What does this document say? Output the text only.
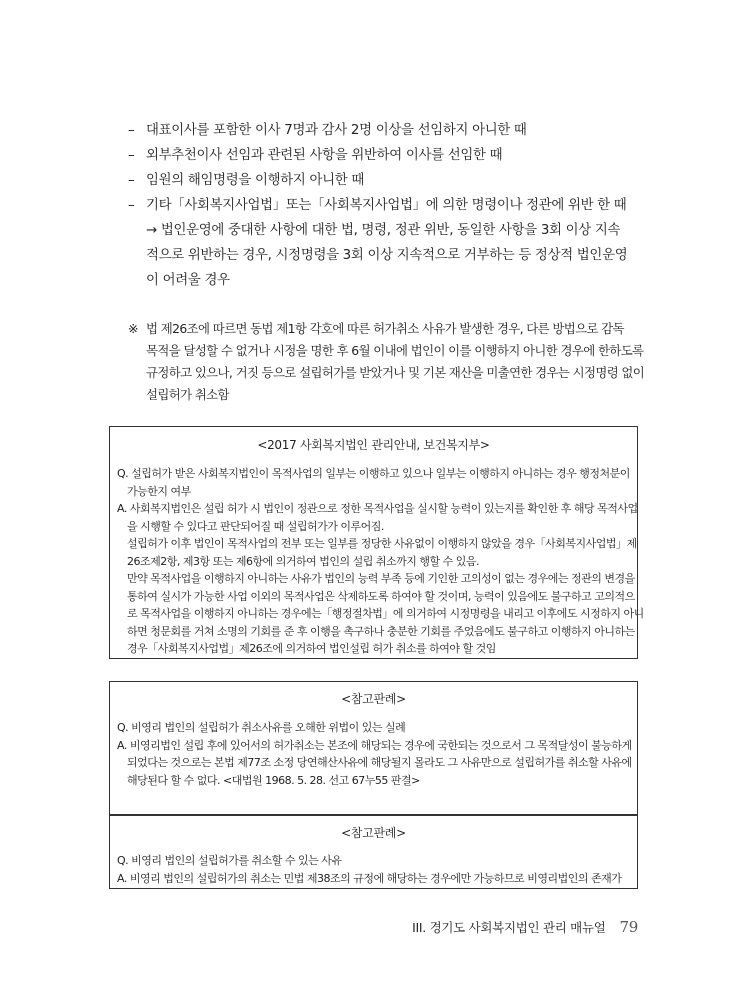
– 대표이사를 포함한 이사 7명과 감사 2명 이상을 선임하지 아니한 때
– 외부추천이사 선임과 관련된 사항을 위반하여 이사를 선임한 때
– 임원의 해임명령을 이행하지 아니한 때
– 기타「사회복지사업법」또는「사회복지사업법」에 의한 명령이나 정관에 위반 한 때
→ 법인운영에 중대한 사항에 대한 법, 명령, 정관 위반, 동일한 사항을 3회 이상 지속
적으로 위반하는 경우, 시정명령을 3회 이상 지속적으로 거부하는 등 정상적 법인운영
이 어려울 경우
※ 법 제26조에 따르면 동법 제1항 각호에 따른 허가취소 사유가 발생한 경우, 다른 방법으로 감독
목적을 달성할 수 없거나 시정을 명한 후 6월 이내에 법인이 이를 이행하지 아니한 경우에 한하도록
규정하고 있으나, 거짓 등으로 설립허가를 받았거나 및 기본 재산을 미출연한 경우는 시정명령 없이
설립허가 취소함
<2017 사회복지법인 관리안내, 보건복지부>
Q. 설립허가 받은 사회복지법인이 목적사업의 일부는 이행하고 있으나 일부는 이행하지 아니하는 경우 행정처분이
가능한지 여부
A. 사회복지법인은 설립 허가 시 법인이 정관으로 정한 목적사업을 실시할 능력이 있는지를 확인한 후 해당 목적사업
을 시행할 수 있다고 판단되어질 때 설립허가가 이루어짐.
설립허가 이후 법인이 목적사업의 전부 또는 일부를 정당한 사유없이 이행하지 않았을 경우「사회복지사업법」제
26조제2항, 제3항 또는 제6항에 의거하여 법인의 설립 취소까지 행할 수 있음.
만약 목적사업을 이행하지 아니하는 사유가 법인의 능력 부족 등에 기인한 고의성이 없는 경우에는 정관의 변경을
통하여 실시가 가능한 사업 이외의 목적사업은 삭제하도록 하여야 할 것이며, 능력이 있음에도 불구하고 고의적으
로 목적사업을 이행하지 아니하는 경우에는「행정절차법」에 의거하여 시정명령을 내리고 이후에도 시정하지 아니
하면 청문회를 거쳐 소명의 기회를 준 후 이행을 촉구하나 충분한 기회를 주었음에도 불구하고 이행하지 아니하는
경우「사회복지사업법」제26조에 의거하여 법인설립 허가 취소를 하여야 할 것임
<참고판례>
Q. 비영리 법인의 설립허가 취소사유를 오해한 위법이 있는 실례
A. 비영리법인 설립 후에 있어서의 허가취소는 본조에 해당되는 경우에 국한되는 것으로서 그 목적달성이 불능하게
되었다는 것으로는 본법 제77조 소정 당연해산사유에 해당될지 몰라도 그 사유만으로 설립허가를 취소할 사유에
해당된다 할 수 없다. <대법원 1968. 5. 28. 선고 67누55 판결>
<참고판례>
Q. 비영리 법인의 설립허가를 취소할 수 있는 사유
A. 비영리 법인의 설립허가의 취소는 민법 제38조의 규정에 해당하는 경우에만 가능하므로 비영리법인의 존재가
III. 경기도 사회복지법인 관리 매뉴얼 79
